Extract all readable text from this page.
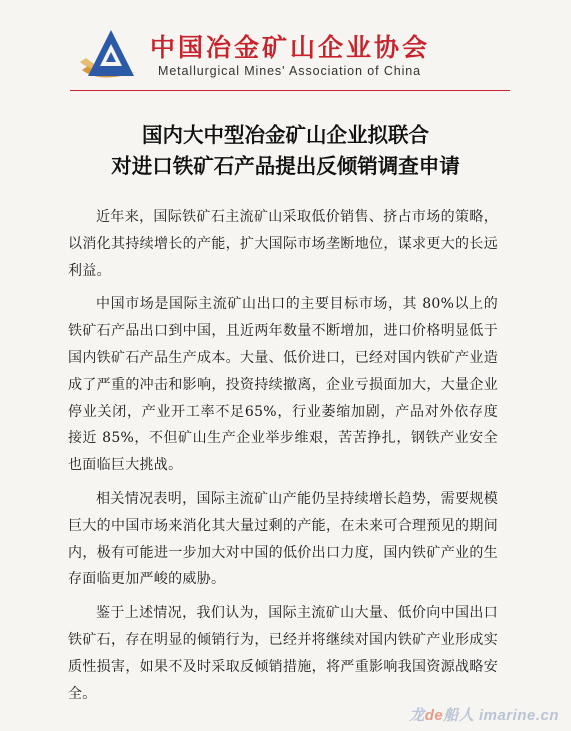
中国冶金矿山企业协会
Metallurgical Mines' Association of China
国内大中型冶金矿山企业拟联合
对进口铁矿石产品提出反倾销调查申请

近年来，国际铁矿石主流矿山采取低价销售、挤占市场的策略，以消化其持续增长的产能，扩大国际市场垄断地位，谋求更大的长远利益。

中国市场是国际主流矿山出口的主要目标市场，其 80%以上的铁矿石产品出口到中国，且近两年数量不断增加，进口价格明显低于国内铁矿石产品生产成本。大量、低价进口，已经对国内铁矿产业造成了严重的冲击和影响，投资持续撤离，企业亏损面加大，大量企业停业关闭，产业开工率不足65%，行业萎缩加剧，产品对外依存度接近 85%，不但矿山生产企业举步维艰，苦苦挣扎，钢铁产业安全也面临巨大挑战。

相关情况表明，国际主流矿山产能仍呈持续增长趋势，需要规模巨大的中国市场来消化其大量过剩的产能，在未来可合理预见的期间内，极有可能进一步加大对中国的低价出口力度，国内铁矿产业的生存面临更加严峻的威胁。

鉴于上述情况，我们认为，国际主流矿山大量、低价向中国出口铁矿石，存在明显的倾销行为，已经并将继续对国内铁矿产业形成实质性损害，如果不及时采取反倾销措施，将严重影响我国资源战略安全。

龙de船人 imarine.cn
